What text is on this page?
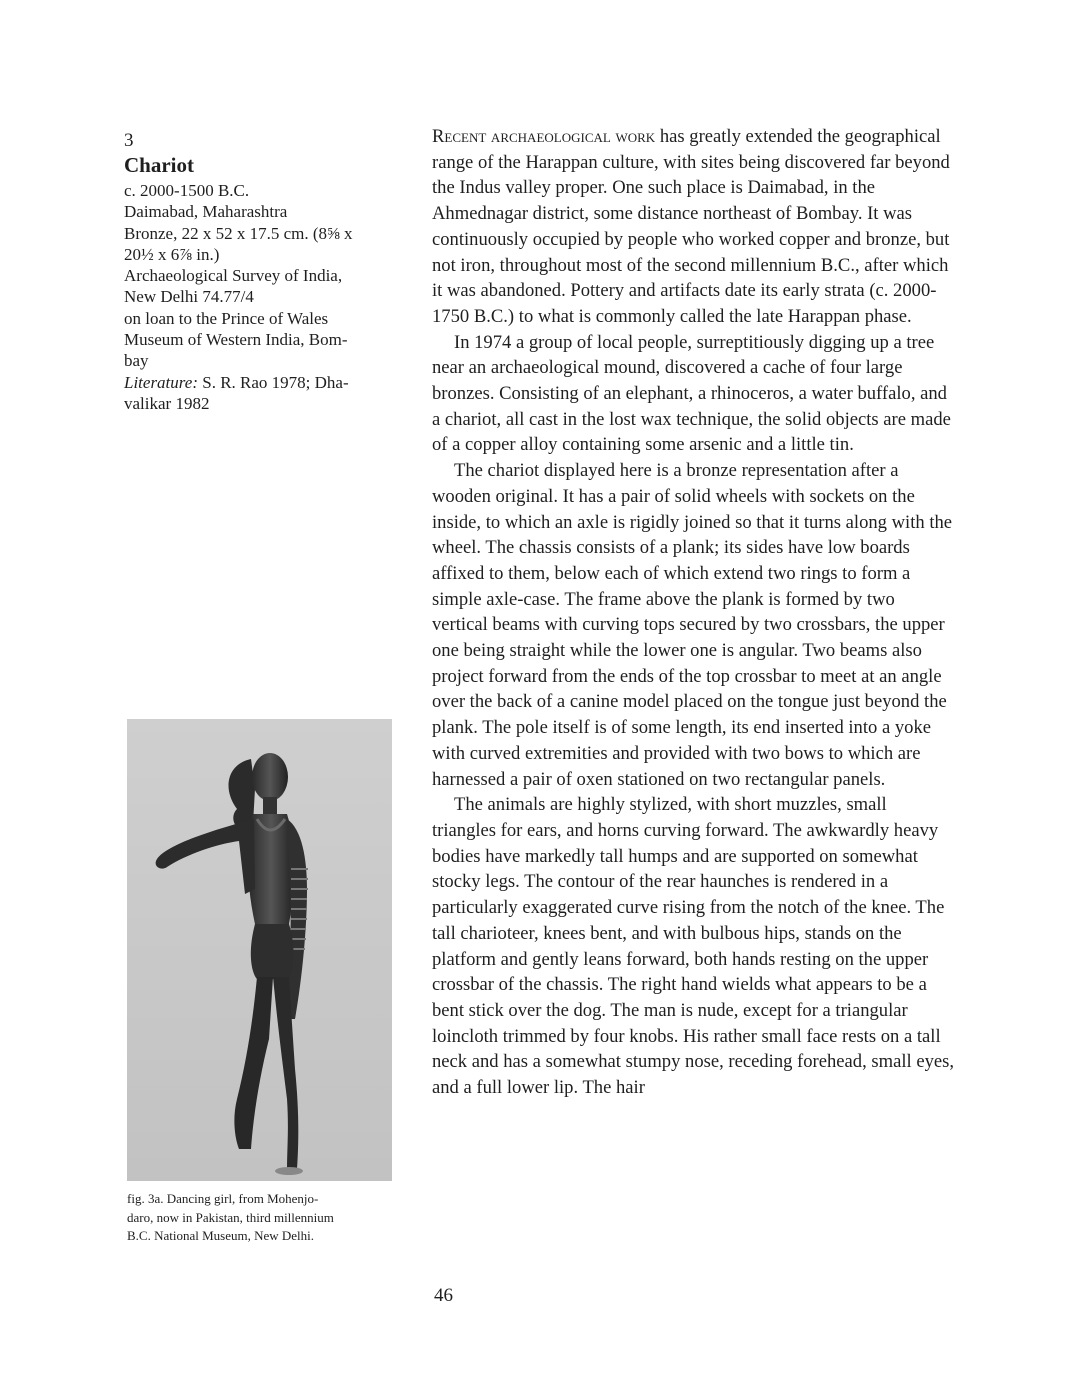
3
Chariot
c. 2000-1500 B.C.
Daimabad, Maharashtra
Bronze, 22 x 52 x 17.5 cm. (8⅝ x
20½ x 6⅞ in.)
Archaeological Survey of India,
New Delhi 74.77/4
on loan to the Prince of Wales
Museum of Western India, Bom-
bay
Literature: S. R. Rao 1978; Dha-
valikar 1982
fig. 3a. Dancing girl, from Mohenjo-
daro, now in Pakistan, third millennium
B.C. National Museum, New Delhi.

Recent archaeological work has greatly extended the geographical range of the Harappan culture, with sites being discovered far beyond the Indus valley proper. One such place is Daimabad, in the Ahmednagar district, some distance northeast of Bombay. It was continuously occupied by people who worked copper and bronze, but not iron, throughout most of the second millennium B.C., after which it was abandoned. Pottery and artifacts date its early strata (c. 2000-1750 B.C.) to what is commonly called the late Harappan phase.

In 1974 a group of local people, surreptitiously digging up a tree near an archaeological mound, discovered a cache of four large bronzes. Consisting of an elephant, a rhinoceros, a water buffalo, and a chariot, all cast in the lost wax technique, the solid objects are made of a copper alloy containing some arsenic and a little tin.

The chariot displayed here is a bronze representation after a wooden original. It has a pair of solid wheels with sockets on the inside, to which an axle is rigidly joined so that it turns along with the wheel. The chassis consists of a plank; its sides have low boards affixed to them, below each of which extend two rings to form a simple axle-case. The frame above the plank is formed by two vertical beams with curving tops secured by two crossbars, the upper one being straight while the lower one is angular. Two beams also project forward from the ends of the top crossbar to meet at an angle over the back of a canine model placed on the tongue just beyond the plank. The pole itself is of some length, its end inserted into a yoke with curved extremities and provided with two bows to which are harnessed a pair of oxen stationed on two rectangular panels.

The animals are highly stylized, with short muzzles, small triangles for ears, and horns curving forward. The awkwardly heavy bodies have markedly tall humps and are supported on somewhat stocky legs. The contour of the rear haunches is rendered in a particularly exaggerated curve rising from the notch of the knee. The tall charioteer, knees bent, and with bulbous hips, stands on the platform and gently leans forward, both hands resting on the upper crossbar of the chassis. The right hand wields what appears to be a bent stick over the dog. The man is nude, except for a triangular loincloth trimmed by four knobs. His rather small face rests on a tall neck and has a somewhat stumpy nose, receding forehead, small eyes, and a full lower lip. The hair

46
